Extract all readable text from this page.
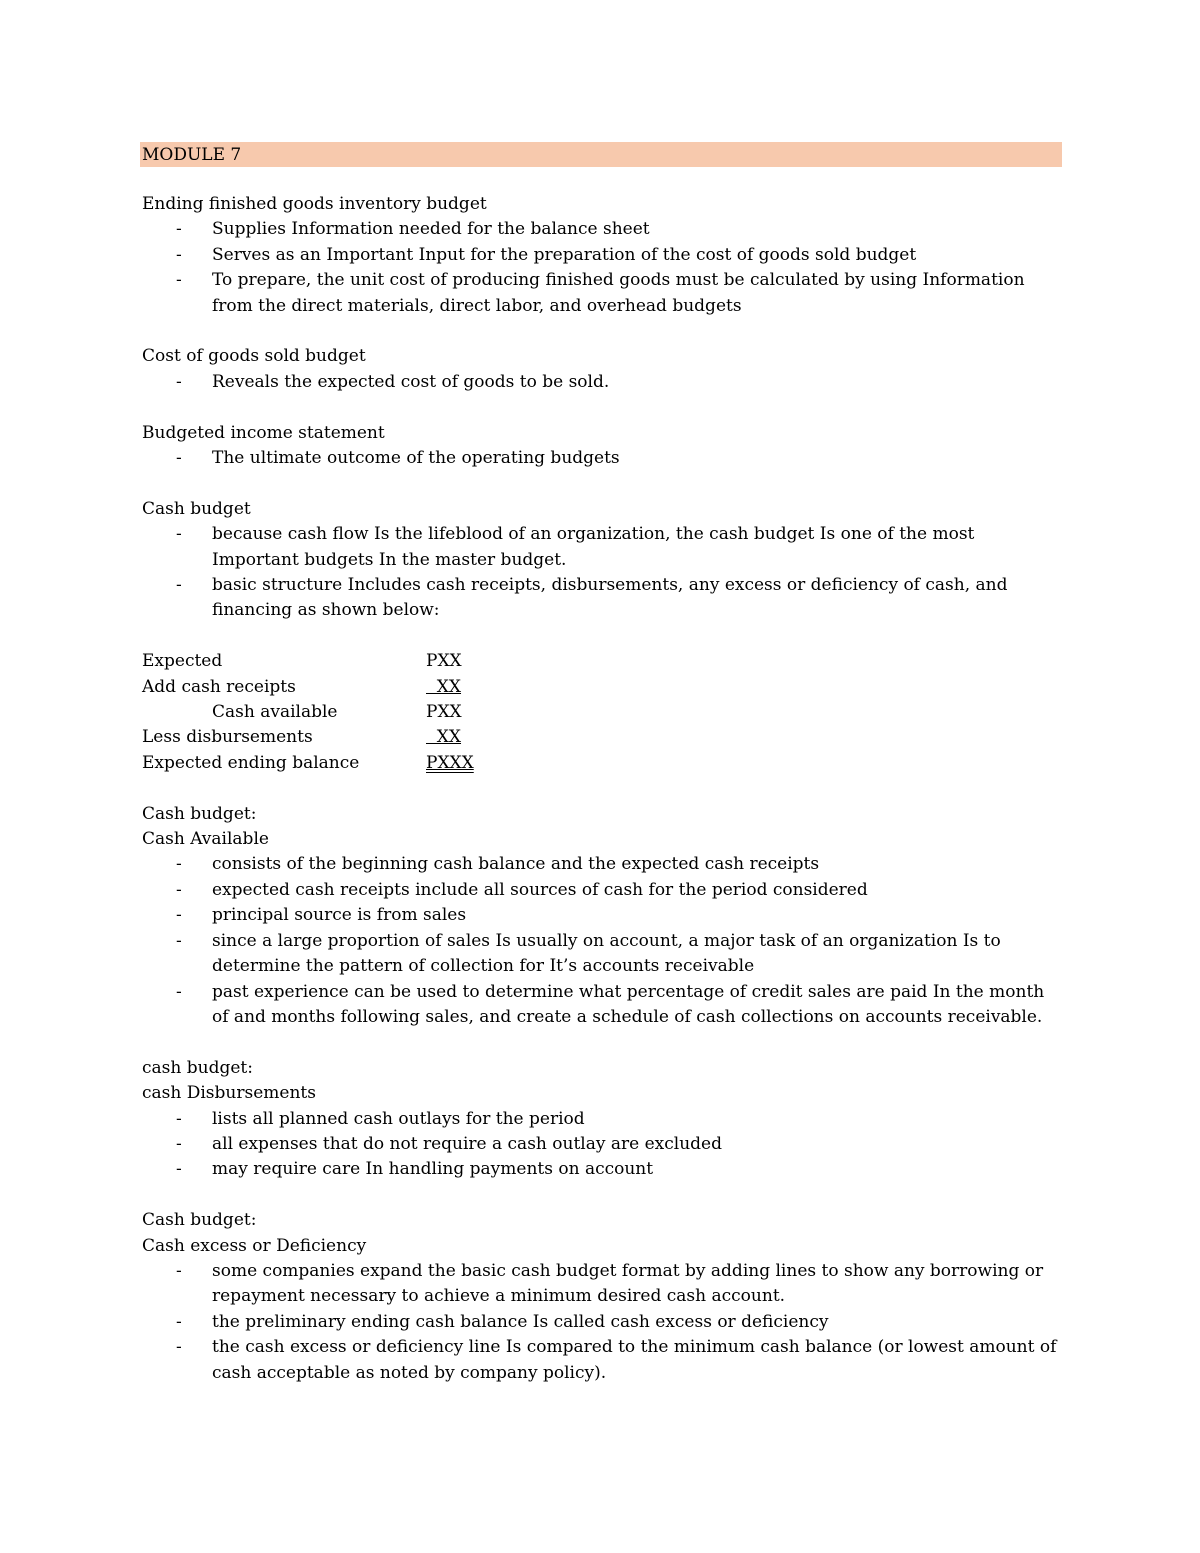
MODULE 7
Ending finished goods inventory budget
- Supplies Information needed for the balance sheet
- Serves as an Important Input for the preparation of the cost of goods sold budget
- To prepare, the unit cost of producing finished goods must be calculated by using Information from the direct materials, direct labor, and overhead budgets
Cost of goods sold budget
- Reveals the expected cost of goods to be sold.
Budgeted income statement
- The ultimate outcome of the operating budgets
Cash budget
- because cash flow Is the lifeblood of an organization, the cash budget Is one of the most Important budgets In the master budget.
- basic structure Includes cash receipts, disbursements, any excess or deficiency of cash, and financing as shown below:
Expected	PXX
Add cash receipts	XX
Cash available	PXX
Less disbursements	XX
Expected ending balance	PXXX
Cash budget:
Cash Available
- consists of the beginning cash balance and the expected cash receipts
- expected cash receipts include all sources of cash for the period considered
- principal source is from sales
- since a large proportion of sales Is usually on account, a major task of an organization Is to determine the pattern of collection for It’s accounts receivable
- past experience can be used to determine what percentage of credit sales are paid In the month of and months following sales, and create a schedule of cash collections on accounts receivable.
cash budget:
cash Disbursements
- lists all planned cash outlays for the period
- all expenses that do not require a cash outlay are excluded
- may require care In handling payments on account
Cash budget:
Cash excess or Deficiency
- some companies expand the basic cash budget format by adding lines to show any borrowing or repayment necessary to achieve a minimum desired cash account.
- the preliminary ending cash balance Is called cash excess or deficiency
- the cash excess or deficiency line Is compared to the minimum cash balance (or lowest amount of cash acceptable as noted by company policy).
